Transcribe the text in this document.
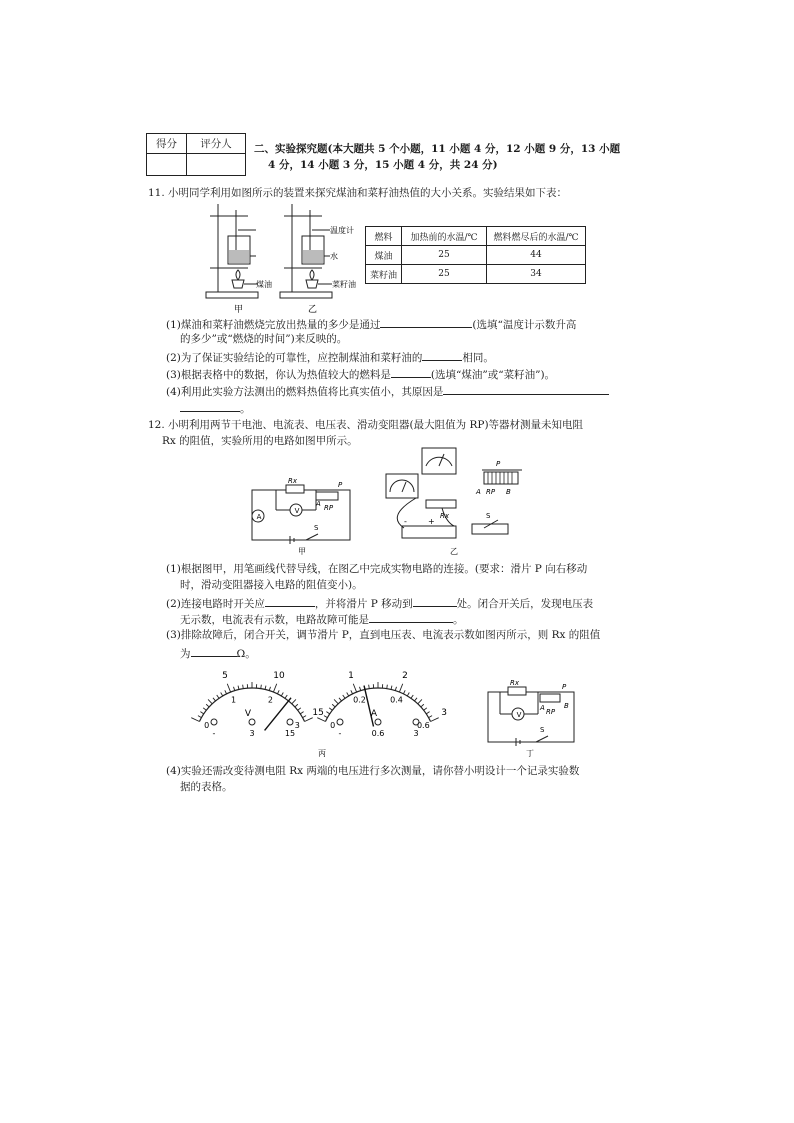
得分	评分人
	二、实验探究题(本大题共 5 个小题，11 小题 4 分，12 小题 9 分，13 小题
4 分，14 小题 3 分，15 小题 4 分，共 24 分)
11. 小明同学利用如图所示的装置来探究煤油和菜籽油热值的大小关系。实验结果如下表：
甲	乙
温度计
水
煤油	菜籽油
燃料	加热前的水温/℃	燃料燃尽后的水温/℃
煤油	25	44
菜籽油	25	34
(1)煤油和菜籽油燃烧完放出热量的多少是通过	(选填“温度计示数升高
的多少”或“燃烧的时间”)来反映的。
(2)为了保证实验结论的可靠性，应控制煤油和菜籽油的	相同。
(3)根据表格中的数据，你认为热值较大的燃料是	(选填“煤油”或“菜籽油”)。
(4)利用此实验方法测出的燃料热值将比真实值小，其原因是
。
12. 小明利用两节干电池、电流表、电压表、滑动变阻器(最大阻值为 RP)等器材测量未知电阻
Rx 的阻值，实验所用的电路如图甲所示。
A
V
Rx	P
A RP
S
甲
P
A RP B
Rx
-	+
S
乙
(1)根据图甲，用笔画线代替导线，在图乙中完成实物电路的连接。(要求：滑片 P 向右移动
时，滑动变阻器接入电路的阻值变小)。
(2)连接电路时开关应	，并将滑片 P 移动到	处。闭合开关后，发现电压表
无示数，电流表有示数，电路故障可能是	。
(3)排除故障后，闭合开关，调节滑片 P，直到电压表、电流表示数如图丙所示，则 Rx 的阻值
为	Ω。
5	10
15
0
1	2
3
V
-	3	15
1	2
3
0
0.2	0.4
0.6
A
-	0.6	3
丙
V
Rx	P
A RP
B
S
丁
(4)实验还需改变待测电阻 Rx 两端的电压进行多次测量，请你替小明设计一个记录实验数
据的表格。
